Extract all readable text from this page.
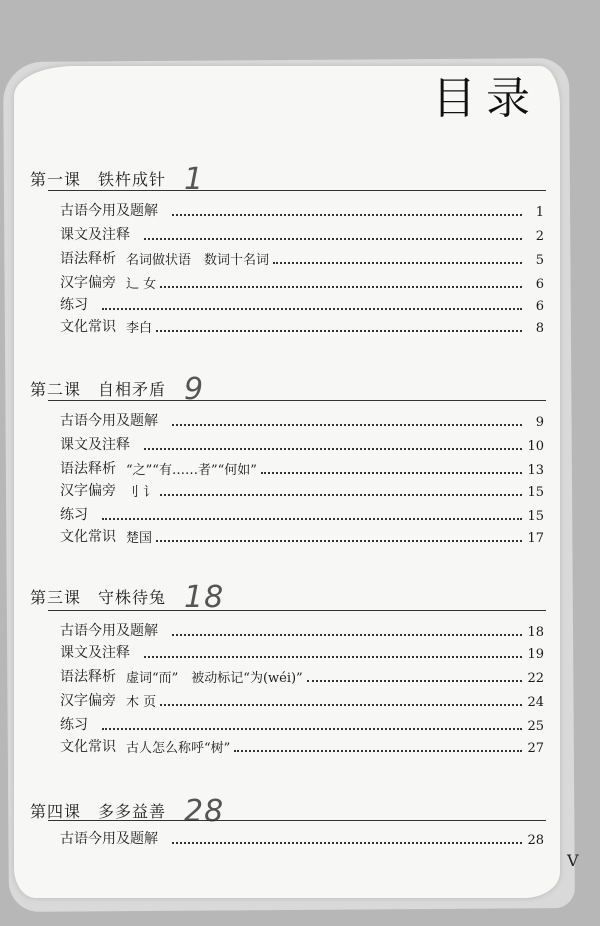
目录
第一课　铁杵成针 1
古语今用及题解	1
课文及注释	2
语法释析 名词做状语　数词十名词	5
汉字偏旁 辶 女	6
练习	6
文化常识 李白	8
第二课　自相矛盾 9
古语今用及题解	9
课文及注释	10
语法释析 “之”“有……者”“何如”	13
汉字偏旁 刂 讠	15
练习	15
文化常识 楚国	17
第三课　守株待兔 18
古语今用及题解	18
课文及注释	19
语法释析 虚词“而”　被动标记“为(wéi)”	22
汉字偏旁 木 页	24
练习	25
文化常识 古人怎么称呼“树”	27
第四课　多多益善 28
古语今用及题解	28
V
